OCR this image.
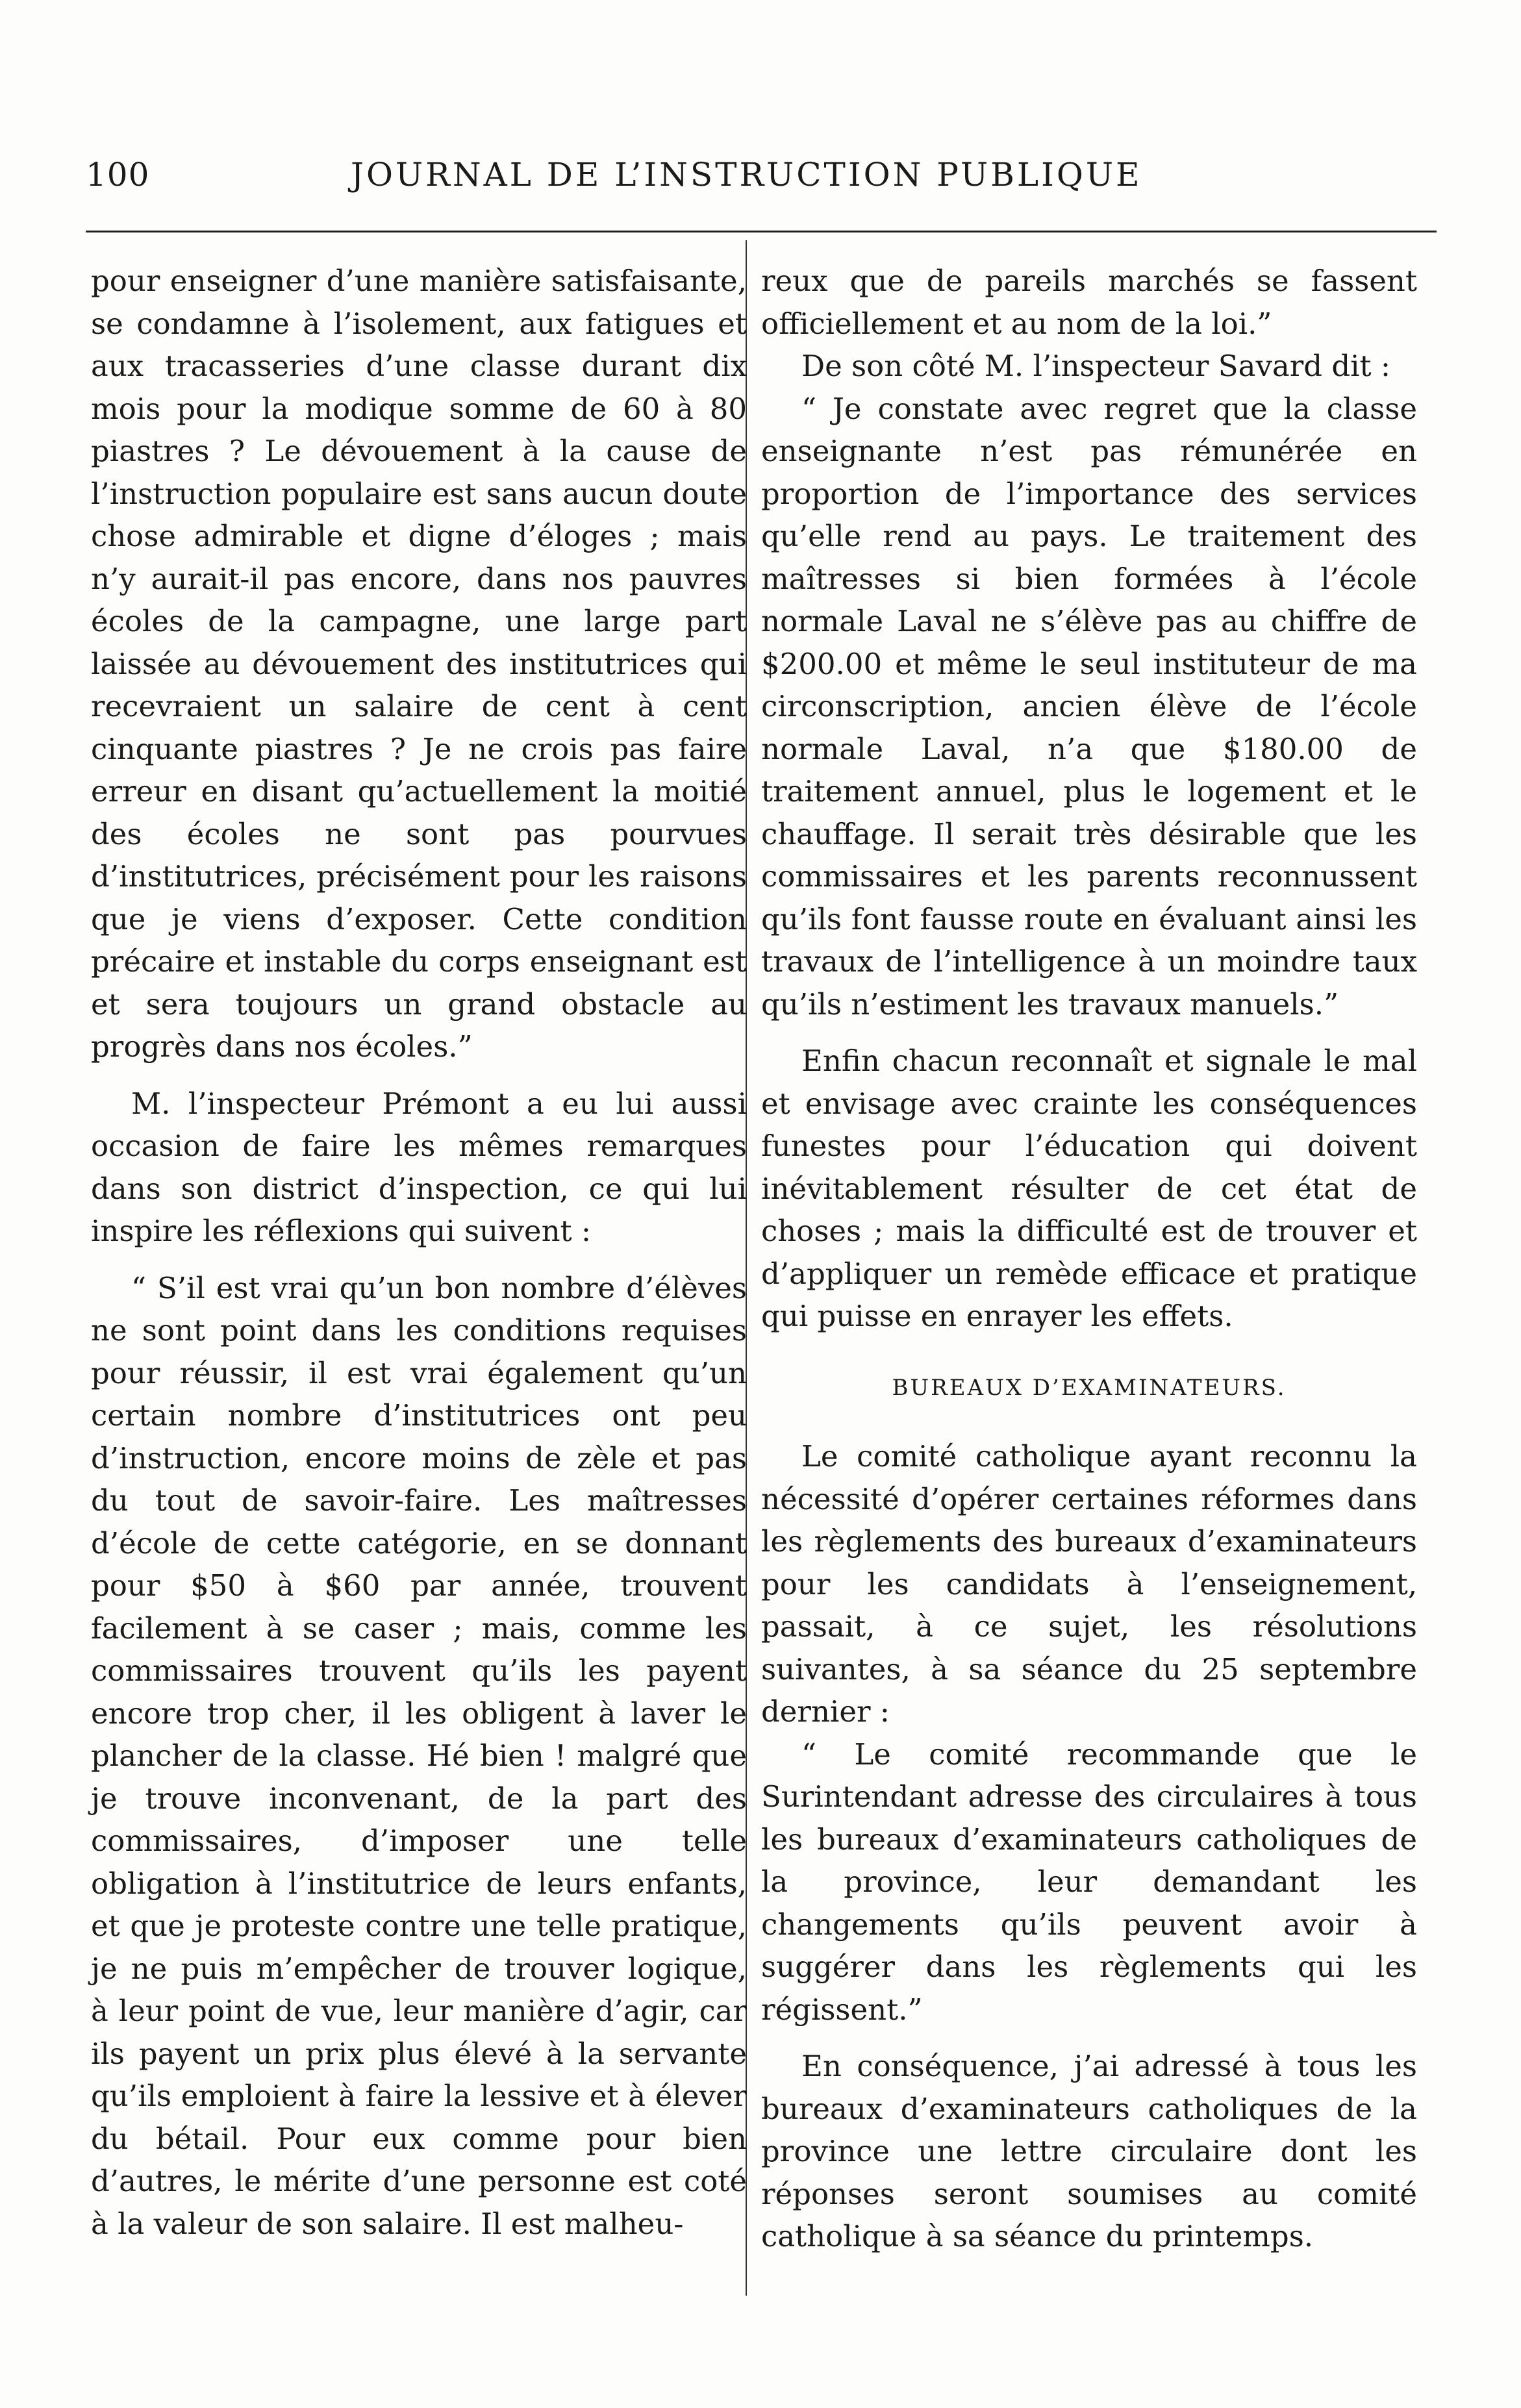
100	JOURNAL DE L’INSTRUCTION PUBLIQUE

pour enseigner d’une manière satisfaisante, se condamne à l’isolement, aux fatigues et aux tracasseries d’une classe durant dix mois pour la modique somme de 60 à 80 piastres ? Le dévouement à la cause de l’instruction populaire est sans aucun doute chose admirable et digne d’éloges ; mais n’y aurait-il pas encore, dans nos pauvres écoles de la campagne, une large part laissée au dévouement des institutrices qui recevraient un salaire de cent à cent cinquante piastres ? Je ne crois pas faire erreur en disant qu’actuellement la moitié des écoles ne sont pas pourvues d’institutrices, précisément pour les raisons que je viens d’exposer. Cette condition précaire et instable du corps enseignant est et sera toujours un grand obstacle au progrès dans nos écoles.”

M. l’inspecteur Prémont a eu lui aussi occasion de faire les mêmes remarques dans son district d’inspection, ce qui lui inspire les réflexions qui suivent :

“ S’il est vrai qu’un bon nombre d’élèves ne sont point dans les conditions requises pour réussir, il est vrai également qu’un certain nombre d’institutrices ont peu d’instruction, encore moins de zèle et pas du tout de savoir-faire. Les maîtresses d’école de cette catégorie, en se donnant pour $50 à $60 par année, trouvent facilement à se caser ; mais, comme les commissaires trouvent qu’ils les payent encore trop cher, il les obligent à laver le plancher de la classe. Hé bien ! malgré que je trouve inconvenant, de la part des commissaires, d’imposer une telle obligation à l’institutrice de leurs enfants, et que je proteste contre une telle pratique, je ne puis m’empêcher de trouver logique, à leur point de vue, leur manière d’agir, car ils payent un prix plus élevé à la servante qu’ils emploient à faire la lessive et à élever du bétail. Pour eux comme pour bien d’autres, le mérite d’une personne est coté à la valeur de son salaire. Il est malheu-

reux que de pareils marchés se fassent officiellement et au nom de la loi.”

De son côté M. l’inspecteur Savard dit :

“ Je constate avec regret que la classe enseignante n’est pas rémunérée en proportion de l’importance des services qu’elle rend au pays. Le traitement des maîtresses si bien formées à l’école normale Laval ne s’élève pas au chiffre de $200.00 et même le seul instituteur de ma circonscription, ancien élève de l’école normale Laval, n’a que $180.00 de traitement annuel, plus le logement et le chauffage. Il serait très désirable que les commissaires et les parents reconnussent qu’ils font fausse route en évaluant ainsi les travaux de l’intelligence à un moindre taux qu’ils n’estiment les travaux manuels.”

Enfin chacun reconnaît et signale le mal et envisage avec crainte les conséquences funestes pour l’éducation qui doivent inévitablement résulter de cet état de choses ; mais la difficulté est de trouver et d’appliquer un remède efficace et pratique qui puisse en enrayer les effets.

BUREAUX D’EXAMINATEURS.

Le comité catholique ayant reconnu la nécessité d’opérer certaines réformes dans les règlements des bureaux d’examinateurs pour les candidats à l’enseignement, passait, à ce sujet, les résolutions suivantes, à sa séance du 25 septembre dernier :

“ Le comité recommande que le Surintendant adresse des circulaires à tous les bureaux d’examinateurs catholiques de la province, leur demandant les changements qu’ils peuvent avoir à suggérer dans les règlements qui les régissent.”

En conséquence, j’ai adressé à tous les bureaux d’examinateurs catholiques de la province une lettre circulaire dont les réponses seront soumises au comité catholique à sa séance du printemps.
